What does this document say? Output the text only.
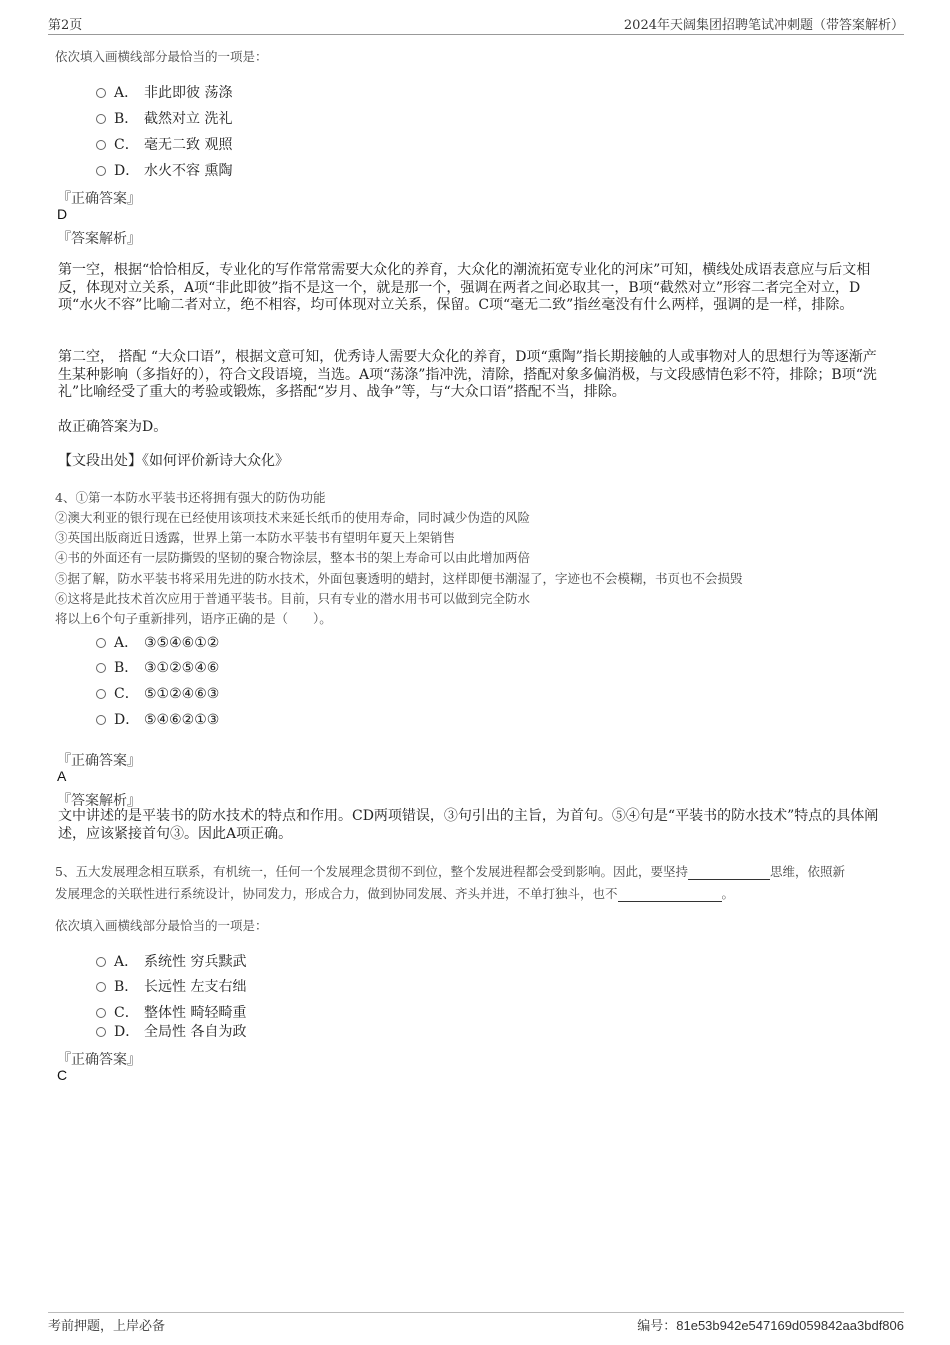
第2页	2024年天阔集团招聘笔试冲刺题（带答案解析）
依次填入画横线部分最恰当的一项是：
A． 非此即彼 荡涤
B． 截然对立 洗礼
C． 毫无二致 观照
D． 水火不容 熏陶
『正确答案』
D
『答案解析』
第一空，根据“恰恰相反，专业化的写作常常需要大众化的养育，大众化的潮流拓宽专业化的河床”可知，横线处成语表意应与后文相反，体现对立关系，A项“非此即彼”指不是这一个，就是那一个，强调在两者之间必取其一，B项“截然对立”形容二者完全对立，D项“水火不容”比喻二者对立，绝不相容，均可体现对立关系，保留。C项“毫无二致”指丝毫没有什么两样，强调的是一样，排除。
第二空， 搭配 “大众口语”，根据文意可知，优秀诗人需要大众化的养育，D项“熏陶”指长期接触的人或事物对人的思想行为等逐渐产生某种影响（多指好的），符合文段语境，当选。A项“荡涤”指冲洗，清除，搭配对象多偏消极，与文段感情色彩不符，排除；B项“洗礼”比喻经受了重大的考验或锻炼，多搭配“岁月、战争”等，与“大众口语”搭配不当，排除。
故正确答案为D。
【文段出处】《如何评价新诗大众化》
4、①第一本防水平装书还将拥有强大的防伪功能
②澳大利亚的银行现在已经使用该项技术来延长纸币的使用寿命，同时减少伪造的风险
③英国出版商近日透露，世界上第一本防水平装书有望明年夏天上架销售
④书的外面还有一层防撕毁的坚韧的聚合物涂层，整本书的架上寿命可以由此增加两倍
⑤据了解，防水平装书将采用先进的防水技术，外面包裹透明的蜡封，这样即便书潮湿了，字迹也不会模糊，书页也不会损毁
⑥这将是此技术首次应用于普通平装书。目前，只有专业的潜水用书可以做到完全防水
将以上6个句子重新排列，语序正确的是（　　）。
A． ③⑤④⑥①②
B． ③①②⑤④⑥
C． ⑤①②④⑥③
D． ⑤④⑥②①③
『正确答案』
A
『答案解析』
文中讲述的是平装书的防水技术的特点和作用。CD两项错误，③句引出的主旨，为首句。⑤④句是“平装书的防水技术”特点的具体阐述，应该紧接首句③。因此A项正确。
5、五大发展理念相互联系，有机统一，任何一个发展理念贯彻不到位，整个发展进程都会受到影响。因此，要坚持	思维，依照新
发展理念的关联性进行系统设计，协同发力，形成合力，做到协同发展、齐头并进，不单打独斗，也不	。
依次填入画横线部分最恰当的一项是：
A． 系统性 穷兵黩武
B． 长远性 左支右绌
C． 整体性 畸轻畸重
D． 全局性 各自为政
『正确答案』
C
考前押题，上岸必备	编号：81e53b942e547169d059842aa3bdf806
